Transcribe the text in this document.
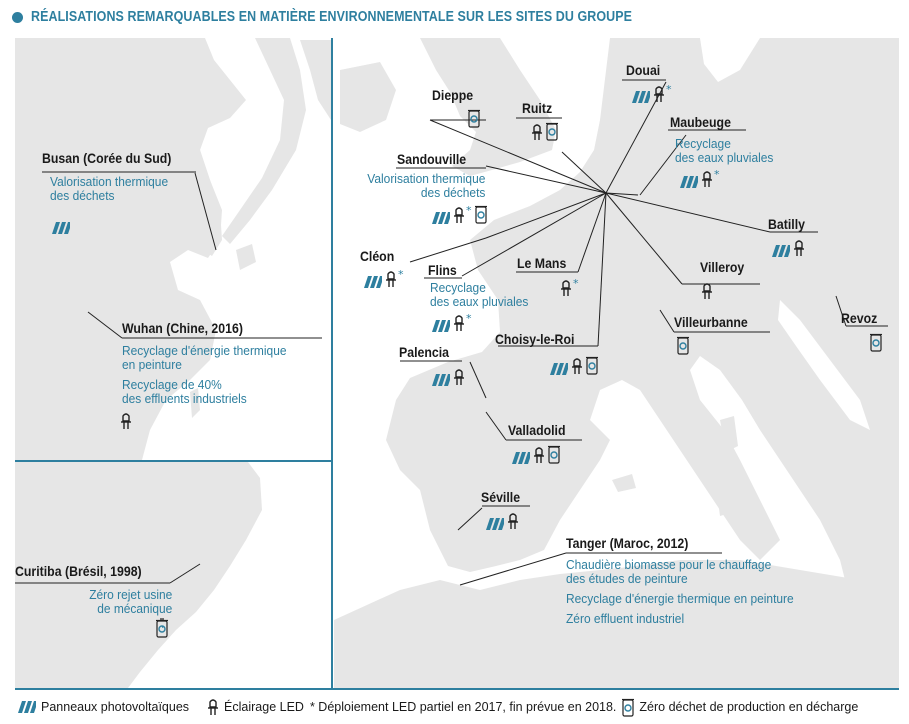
RÉALISATIONS REMARQUABLES EN MATIÈRE ENVIRONNEMENTALE SUR LES SITES DU GROUPE
Busan (Corée du Sud)
Valorisation thermique
des déchets
Wuhan (Chine, 2016)
Recyclage d'énergie thermique
en peinture
Recyclage de 40%
des effluents industriels
Curitiba (Brésil, 1998)
Zéro rejet usine
de mécanique
Douai
*
Dieppe
Ruitz
Maubeuge
Recyclage
des eaux pluviales
*
Sandouville
Valorisation thermique
des déchets
*
Batilly
Cléon
* Flins
Recyclage
des eaux pluviales
*
Le Mans
*
Villeroy
Villeurbanne	Revoz
Choisy-le-Roi
Palencia
Valladolid
Séville
Tanger (Maroc, 2012)
Chaudière biomasse pour le chauffage
des études de peinture
Recyclage d'énergie thermique en peinture
Zéro effluent industriel
Panneaux photovoltaïques	Éclairage LED * Déploiement LED partiel en 2017, fin prévue en 2018. Zéro déchet de production en décharge
